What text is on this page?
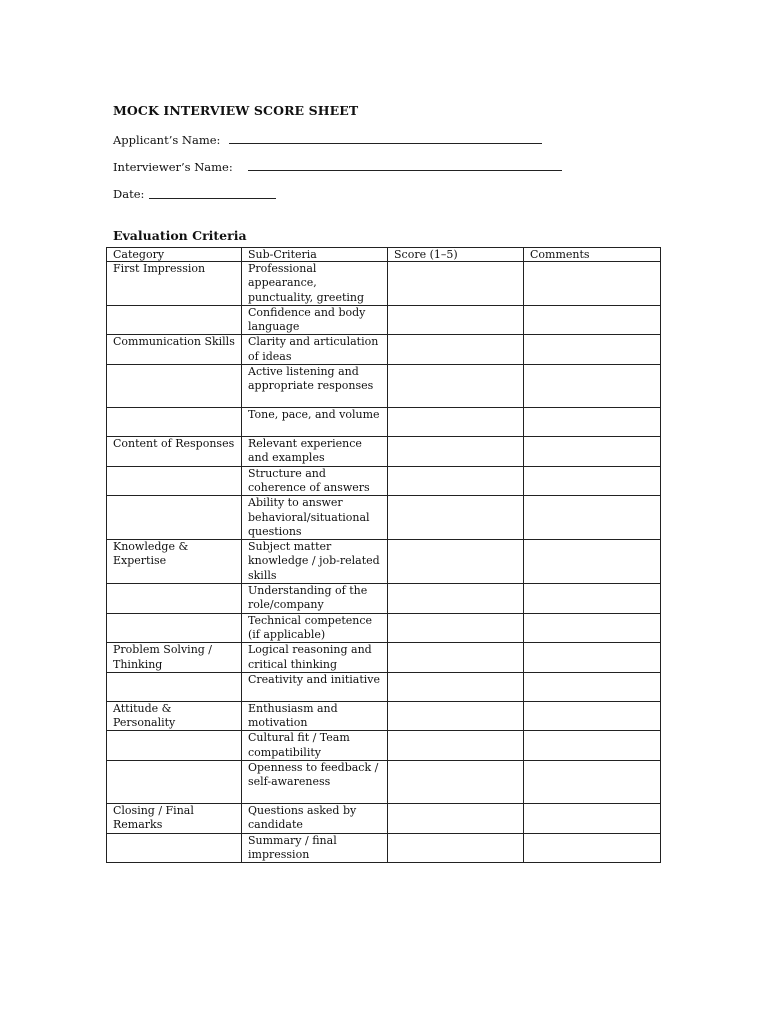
MOCK INTERVIEW SCORE SHEET
Applicant’s Name:
Interviewer’s Name:
Date:
Evaluation Criteria
Category	Sub-Criteria	Score (1–5)	Comments
First Impression	Professional appearance, punctuality, greeting		
	Confidence and body language		
Communication Skills	Clarity and articulation of ideas		
	Active listening and appropriate responses		
	Tone, pace, and volume		
Content of Responses	Relevant experience and examples		
	Structure and coherence of answers		
	Ability to answer behavioral/situational questions		
Knowledge & Expertise	Subject matter knowledge / job-related skills		
	Understanding of the role/company		
	Technical competence (if applicable)		
Problem Solving / Thinking	Logical reasoning and critical thinking		
	Creativity and initiative		
Attitude & Personality	Enthusiasm and motivation		
	Cultural fit / Team compatibility		
	Openness to feedback / self-awareness		
Closing / Final Remarks	Questions asked by candidate		
	Summary / final impression		
